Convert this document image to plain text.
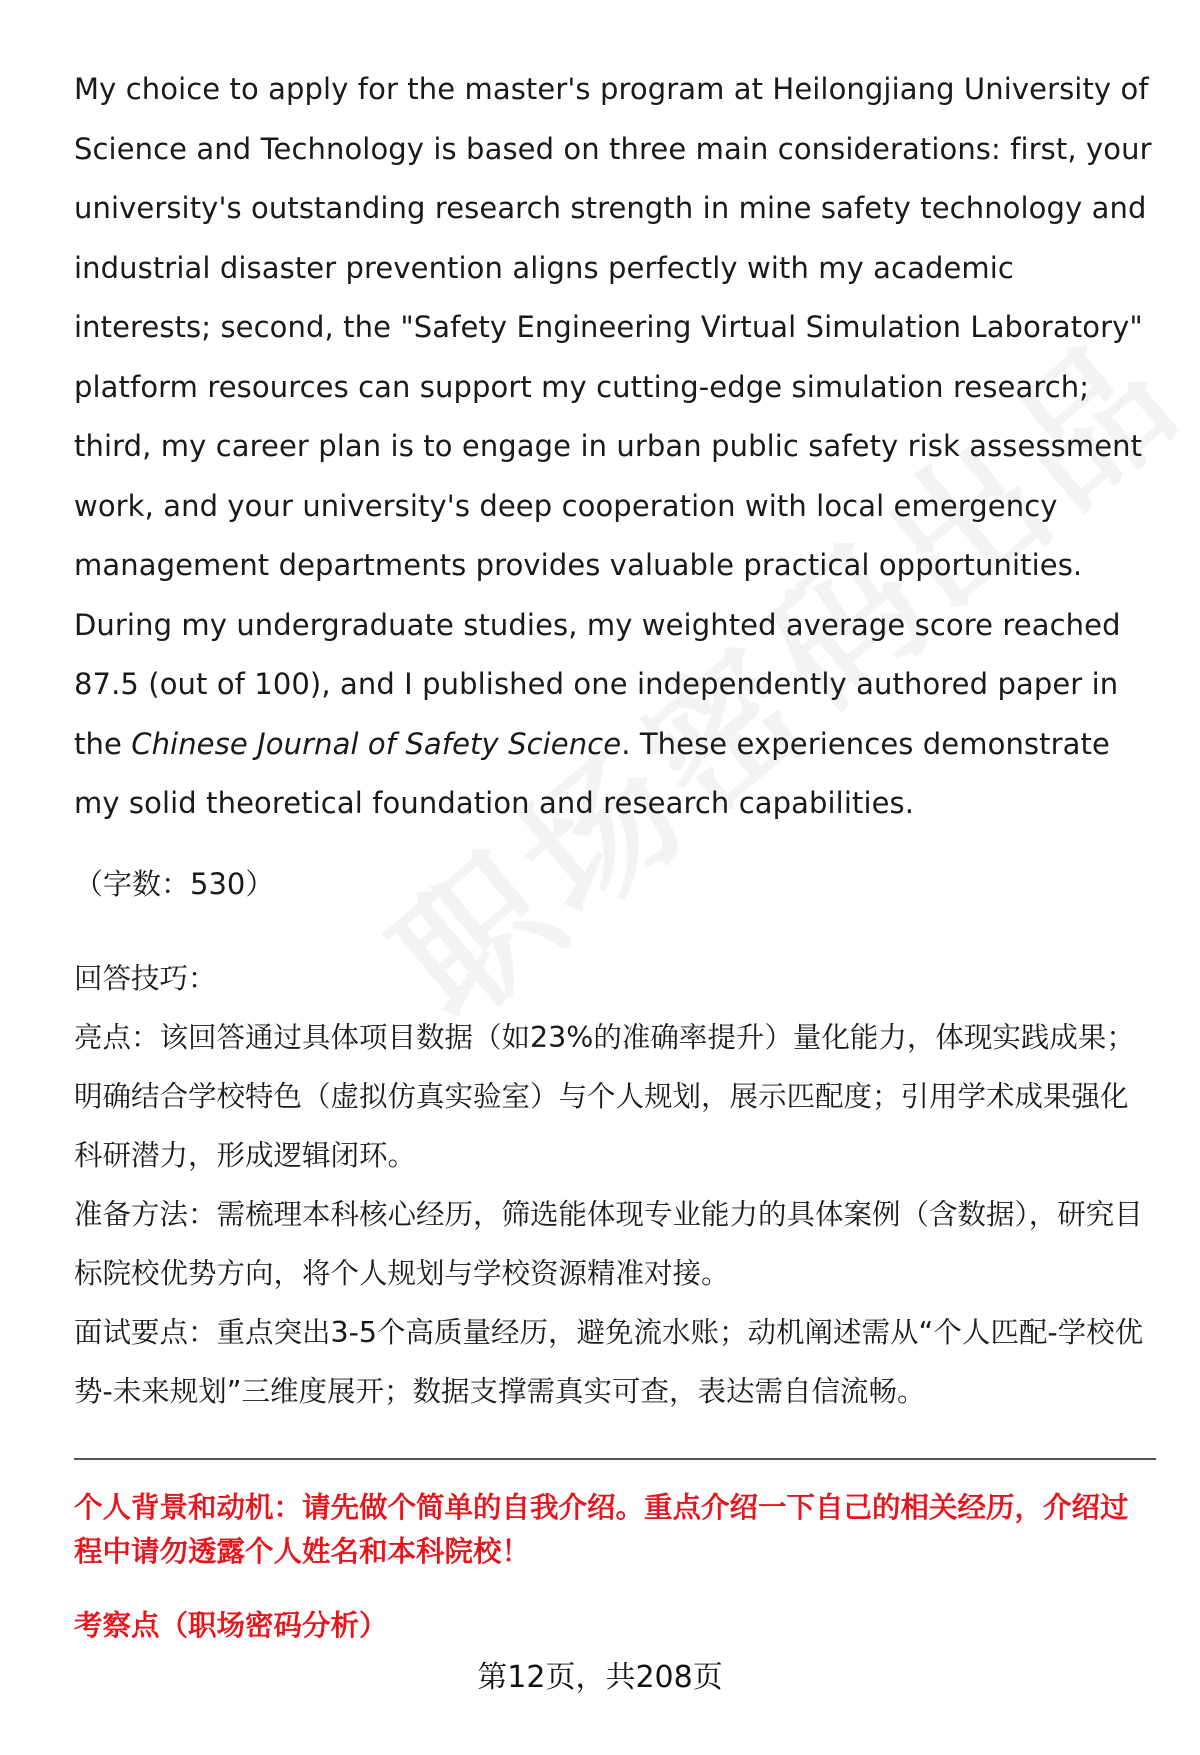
My choice to apply for the master's program at Heilongjiang University of Science and Technology is based on three main considerations: first, your university's outstanding research strength in mine safety technology and industrial disaster prevention aligns perfectly with my academic interests; second, the "Safety Engineering Virtual Simulation Laboratory" platform resources can support my cutting-edge simulation research; third, my career plan is to engage in urban public safety risk assessment work, and your university's deep cooperation with local emergency management departments provides valuable practical opportunities. During my undergraduate studies, my weighted average score reached 87.5 (out of 100), and I published one independently authored paper in the Chinese Journal of Safety Science. These experiences demonstrate my solid theoretical foundation and research capabilities.

（字数：530）

回答技巧：

亮点：该回答通过具体项目数据（如23%的准确率提升）量化能力，体现实践成果；明确结合学校特色（虚拟仿真实验室）与个人规划，展示匹配度；引用学术成果强化科研潜力，形成逻辑闭环。

准备方法：需梳理本科核心经历，筛选能体现专业能力的具体案例（含数据），研究目标院校优势方向，将个人规划与学校资源精准对接。

面试要点：重点突出3-5个高质量经历，避免流水账；动机阐述需从“个人匹配-学校优势-未来规划”三维度展开；数据支撑需真实可查，表达需自信流畅。

个人背景和动机：请先做个简单的自我介绍。重点介绍一下自己的相关经历，介绍过程中请勿透露个人姓名和本科院校！
考察点（职场密码分析）
第12页，共208页
